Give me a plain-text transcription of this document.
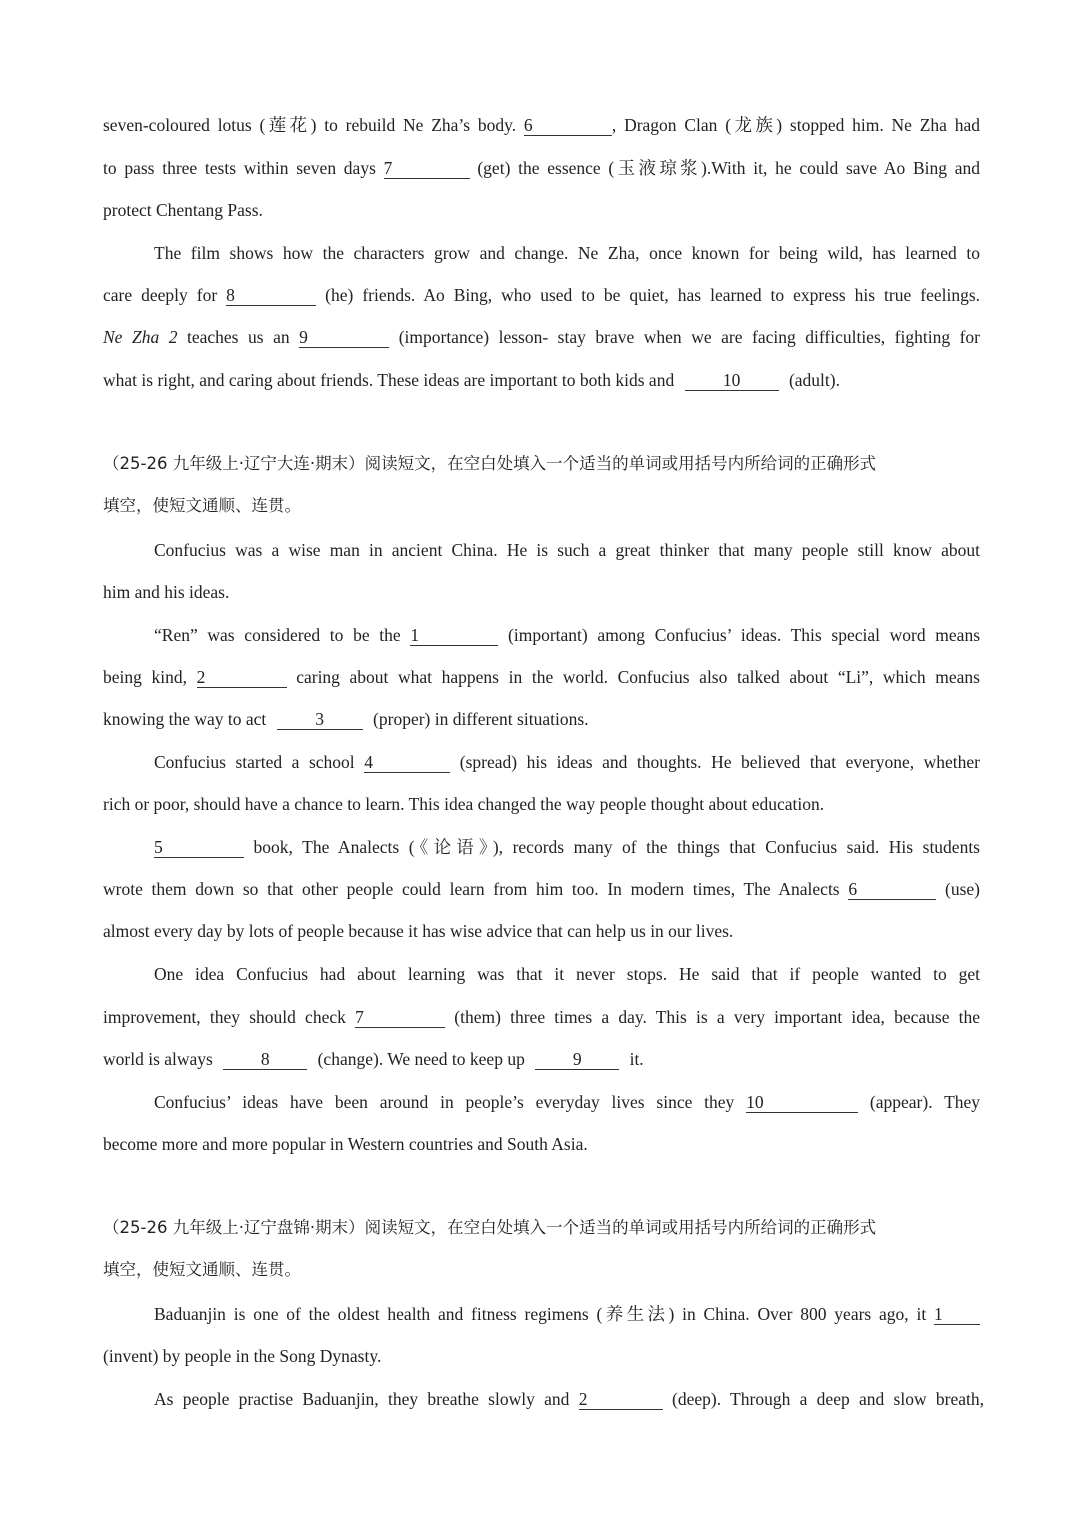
seven-coloured lotus (莲花) to rebuild Ne Zha’s body. 6	, Dragon Clan (龙族) stopped him. Ne Zha had
to pass three tests within seven days 7	(get) the essence (玉液琼浆).With it, he could save Ao Bing and
protect Chentang Pass.
The film shows how the characters grow and change. Ne Zha, once known for being wild, has learned to
care deeply for 8	(he) friends. Ao Bing, who used to be quiet, has learned to express his true feelings.
Ne Zha 2 teaches us an 9	(importance) lesson- stay brave when we are facing difficulties, fighting for
what is right, and caring about friends. These ideas are important to both kids and	10	(adult).
（25-26 九年级上·辽宁大连·期末）阅读短文，在空白处填入一个适当的单词或用括号内所给词的正确形式
填空，使短文通顺、连贯。
Confucius was a wise man in ancient China. He is such a great thinker that many people still know about
him and his ideas.
“Ren” was considered to be the 1	(important) among Confucius’ ideas. This special word means
being kind, 2	caring about what happens in the world. Confucius also talked about “Li”, which means
knowing the way to act	3	(proper) in different situations.
Confucius started a school 4	(spread) his ideas and thoughts. He believed that everyone, whether
rich or poor, should have a chance to learn. This idea changed the way people thought about education.
5	book, The Analects (《论语》), records many of the things that Confucius said. His students
wrote them down so that other people could learn from him too. In modern times, The Analects 6	(use)
almost every day by lots of people because it has wise advice that can help us in our lives.
One idea Confucius had about learning was that it never stops. He said that if people wanted to get
improvement, they should check 7	(them) three times a day. This is a very important idea, because the
world is always	8	(change). We need to keep up	9	it.
Confucius’ ideas have been around in people’s everyday lives since they 10	(appear). They
become more and more popular in Western countries and South Asia.
（25-26 九年级上·辽宁盘锦·期末）阅读短文，在空白处填入一个适当的单词或用括号内所给词的正确形式
填空，使短文通顺、连贯。
Baduanjin is one of the oldest health and fitness regimens (养生法) in China. Over 800 years ago, it 1
(invent) by people in the Song Dynasty.
As people practise Baduanjin, they breathe slowly and 2	(deep). Through a deep and slow breath,
